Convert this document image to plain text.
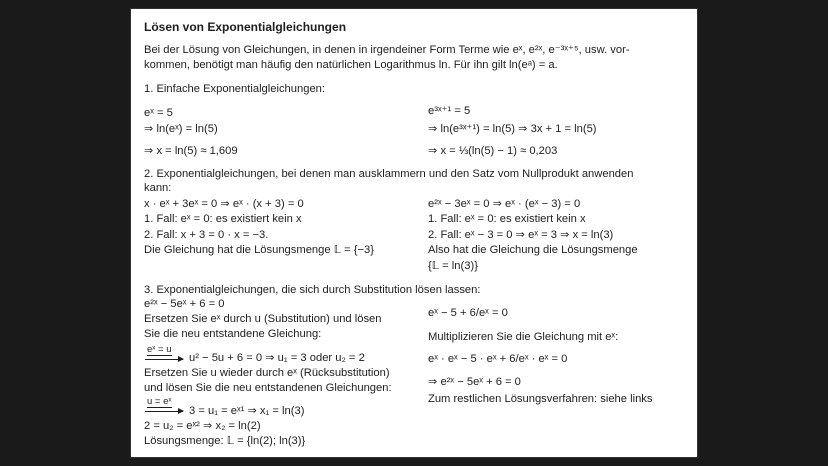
Lösen von Exponentialgleichungen
Bei der Lösung von Gleichungen, in denen in irgendeiner Form Terme wie eˣ, e²ˣ, e⁻³ˣ⁺⁵, usw. vor-
kommen, benötigt man häufig den natürlichen Logarithmus ln. Für ihn gilt ln(eᵃ) = a.
1. Einfache Exponentialgleichungen:
eˣ = 5
⇒ ln(eˣ) = ln(5)
⇒ x = ln(5) ≈ 1,609
e³ˣ⁺¹ = 5
⇒ ln(e³ˣ⁺¹) = ln(5) ⇒ 3x + 1 = ln(5)
⇒ x = ⅓(ln(5) − 1) ≈ 0,203
2. Exponentialgleichungen, bei denen man ausklammern und den Satz vom Nullprodukt anwenden
kann:
x · eˣ + 3eˣ = 0 ⇒ eˣ · (x + 3) = 0
1. Fall: eˣ = 0: es existiert kein x
2. Fall: x + 3 = 0 · x = −3.
Die Gleichung hat die Lösungsmenge 𝕃 = {−3}
e²ˣ − 3eˣ = 0 ⇒ eˣ · (eˣ − 3) = 0
1. Fall: eˣ = 0: es existiert kein x
2. Fall: eˣ − 3 = 0 ⇒ eˣ = 3 ⇒ x = ln(3)
Also hat die Gleichung die Lösungsmenge
{𝕃 = ln(3)}
3. Exponentialgleichungen, die sich durch Substitution lösen lassen:
e²ˣ − 5eˣ + 6 = 0
Ersetzen Sie eˣ durch u (Substitution) und lösen
Sie die neu entstandene Gleichung:
eˣ = u
u² − 5u + 6 = 0 ⇒ u₁ = 3 oder u₂ = 2
Ersetzen Sie u wieder durch eˣ (Rücksubstitution)
und lösen Sie die neu entstandenen Gleichungen:
u = eˣ
3 = u₁ = eˣ¹ ⇒ x₁ = ln(3)
2 = u₂ = eˣ² ⇒ x₂ = ln(2)
Lösungsmenge: 𝕃 = {ln(2); ln(3)}
eˣ − 5 + 6/eˣ = 0
Multiplizieren Sie die Gleichung mit eˣ:
eˣ · eˣ − 5 · eˣ + 6/eˣ · eˣ = 0
⇒ e²ˣ − 5eˣ + 6 = 0
Zum restlichen Lösungsverfahren: siehe links
